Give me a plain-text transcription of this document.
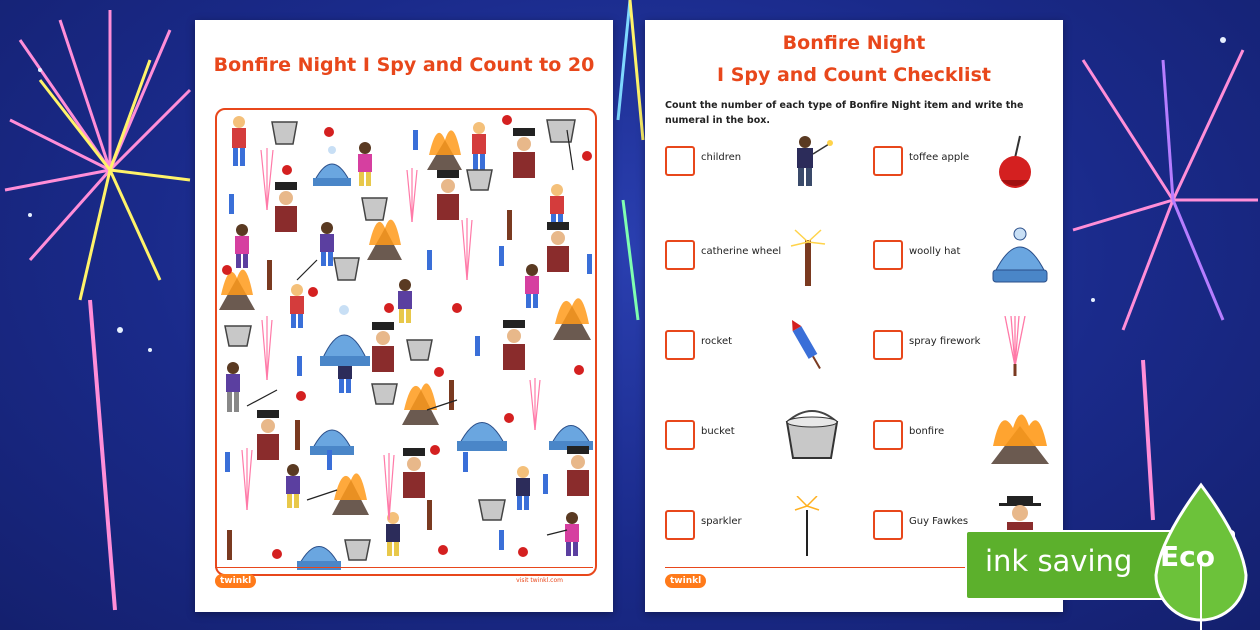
Bonfire Night I Spy and Count to 20
twinkl	visit twinkl.com
Bonfire Night
I Spy and Count Checklist
Count the number of each type of Bonfire Night item and write the numeral in the box.
children
catherine wheel
rocket
bucket
sparkler
toffee apple
woolly hat
spray firework
bonfire
Guy Fawkes
twinkl
ink saving Eco
